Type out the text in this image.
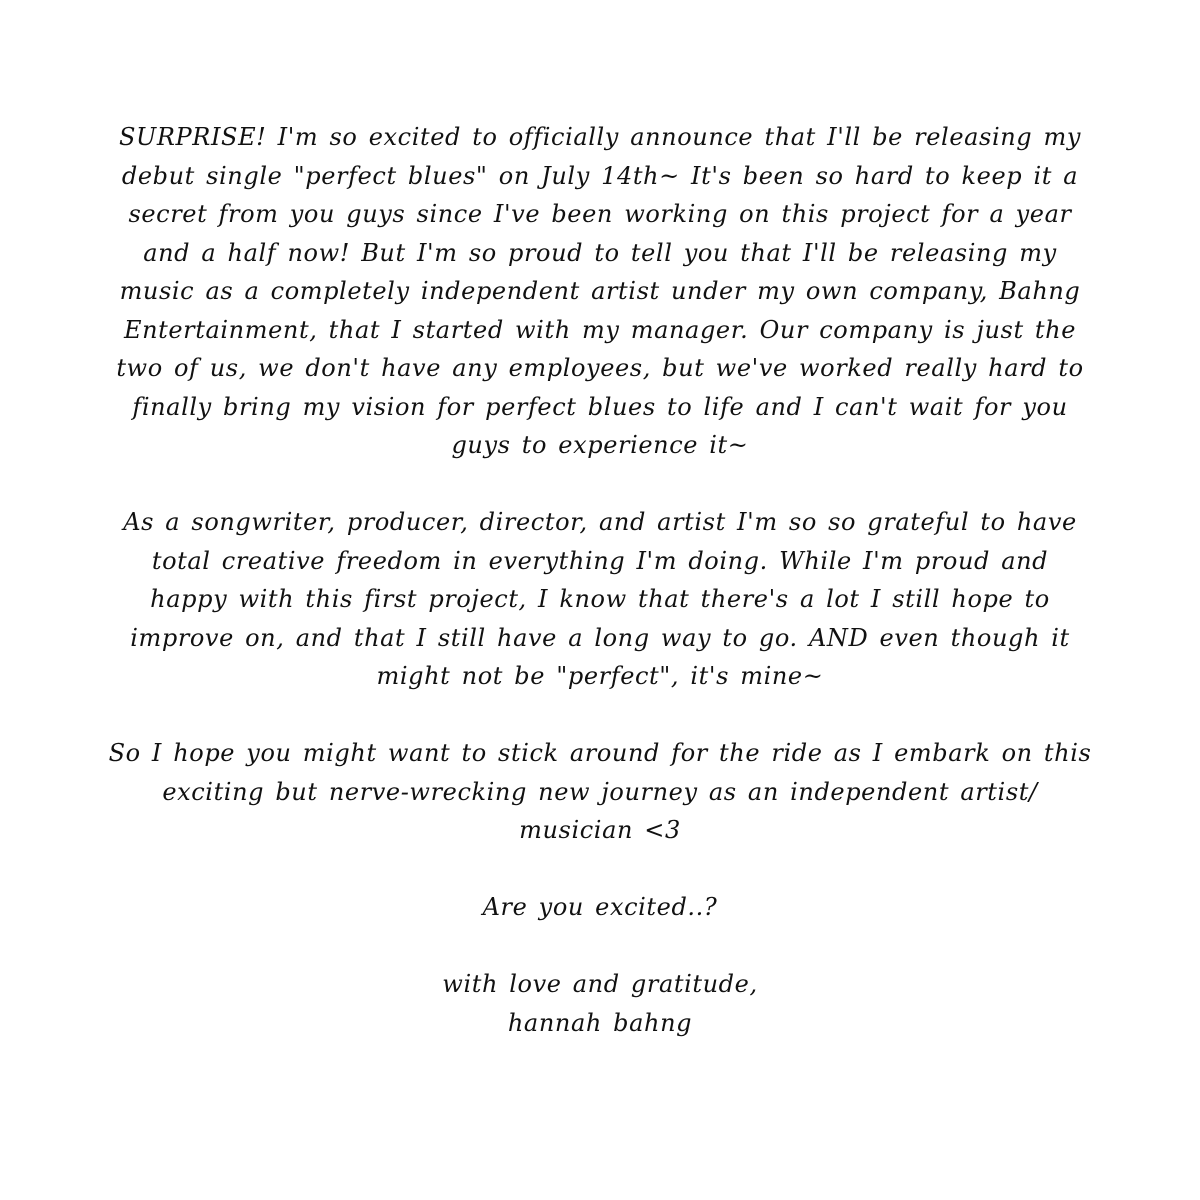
SURPRISE! I'm so excited to officially announce that I'll be releasing my
debut single "perfect blues" on July 14th~ It's been so hard to keep it a
secret from you guys since I've been working on this project for a year
and a half now! But I'm so proud to tell you that I'll be releasing my
music as a completely independent artist under my own company, Bahng
Entertainment, that I started with my manager. Our company is just the
two of us, we don't have any employees, but we've worked really hard to
finally bring my vision for perfect blues to life and I can't wait for you
guys to experience it~

As a songwriter, producer, director, and artist I'm so so grateful to have
total creative freedom in everything I'm doing. While I'm proud and
happy with this first project, I know that there's a lot I still hope to
improve on, and that I still have a long way to go. AND even though it
might not be "perfect", it's mine~

So I hope you might want to stick around for the ride as I embark on this
exciting but nerve-wrecking new journey as an independent artist/
musician <3

Are you excited..?

with love and gratitude,
hannah bahng
